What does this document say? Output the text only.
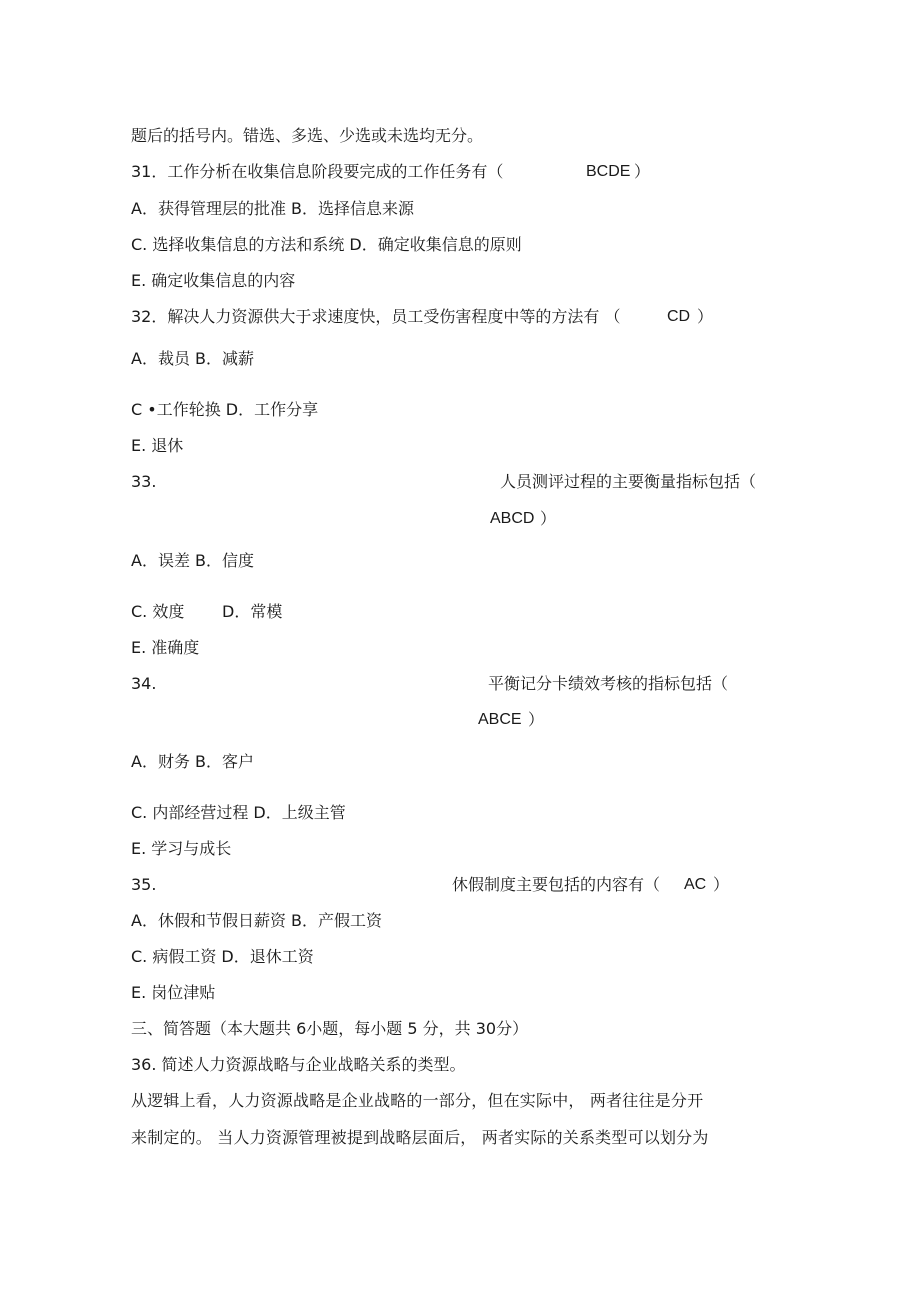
题后的括号内。错选、多选、少选或未选均无分。
31．工作分析在收集信息阶段要完成的工作任务有（	BCDE ）
A．获得管理层的批准 B．选择信息来源
C. 选择收集信息的方法和系统 D．确定收集信息的原则
E. 确定收集信息的内容
32．解决人力资源供大于求速度快，员工受伤害程度中等的方法有 （	CD ）
A．裁员 B．减薪
C •工作轮换 D．工作分享
E. 退休
33.	人员测评过程的主要衡量指标包括（
ABCD ）
A．误差 B．信度
C. 效度 D．常模
E. 准确度
34.	平衡记分卡绩效考核的指标包括（
ABCE ）
A．财务 B．客户
C. 内部经营过程 D．上级主管
E. 学习与成长
35.	休假制度主要包括的内容有（ AC ）
A．休假和节假日薪资 B．产假工资
C. 病假工资 D．退休工资
E. 岗位津贴
三、简答题（本大题共 6小题，每小题 5 分，共 30分）
36. 简述人力资源战略与企业战略关系的类型。
从逻辑上看，人力资源战略是企业战略的一部分，但在实际中， 两者往往是分开
来制定的。 当人力资源管理被提到战略层面后， 两者实际的关系类型可以划分为
